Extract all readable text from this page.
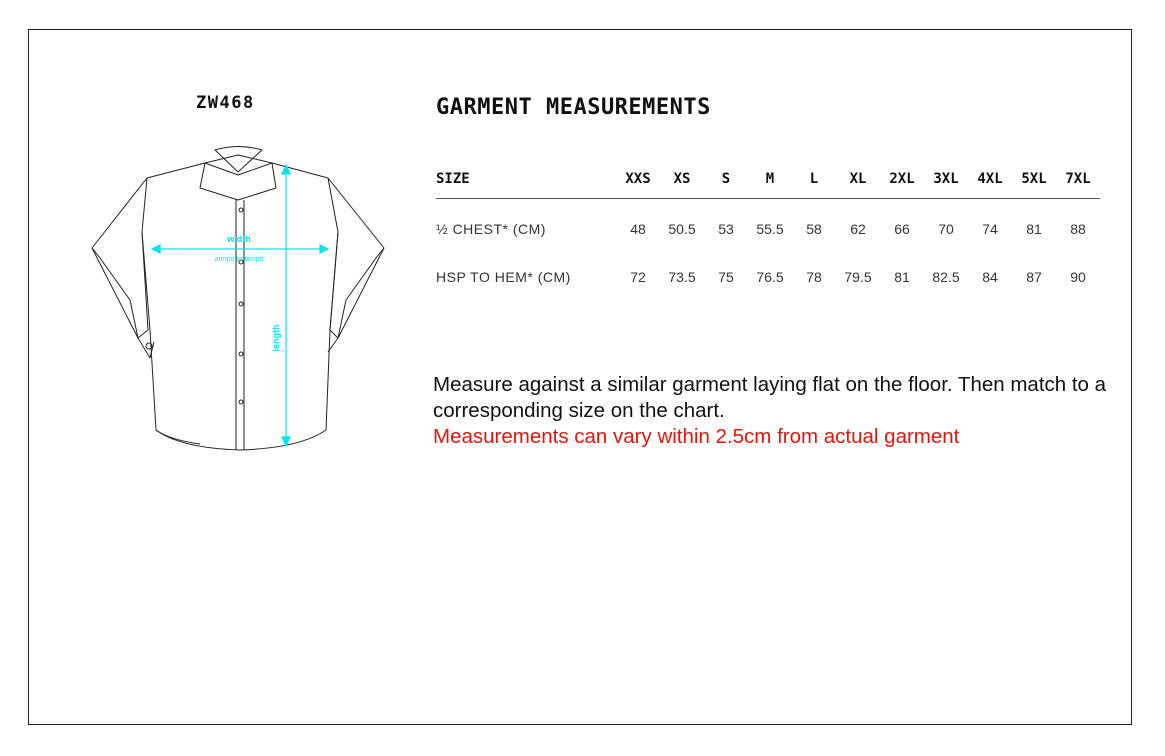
ZW468
width
armpit to armpit
length
GARMENT MEASUREMENTS
SIZE	XXS	XS	S	M	L	XL	2XL	3XL	4XL	5XL	7XL
½ CHEST* (CM)	48	50.5	53	55.5	58	62	66	70	74	81	88
HSP TO HEM* (CM)	72	73.5	75	76.5	78	79.5	81	82.5	84	87	90
Measure against a similar garment laying flat on the floor. Then match to a corresponding size on the chart.
Measurements can vary within 2.5cm from actual garment
